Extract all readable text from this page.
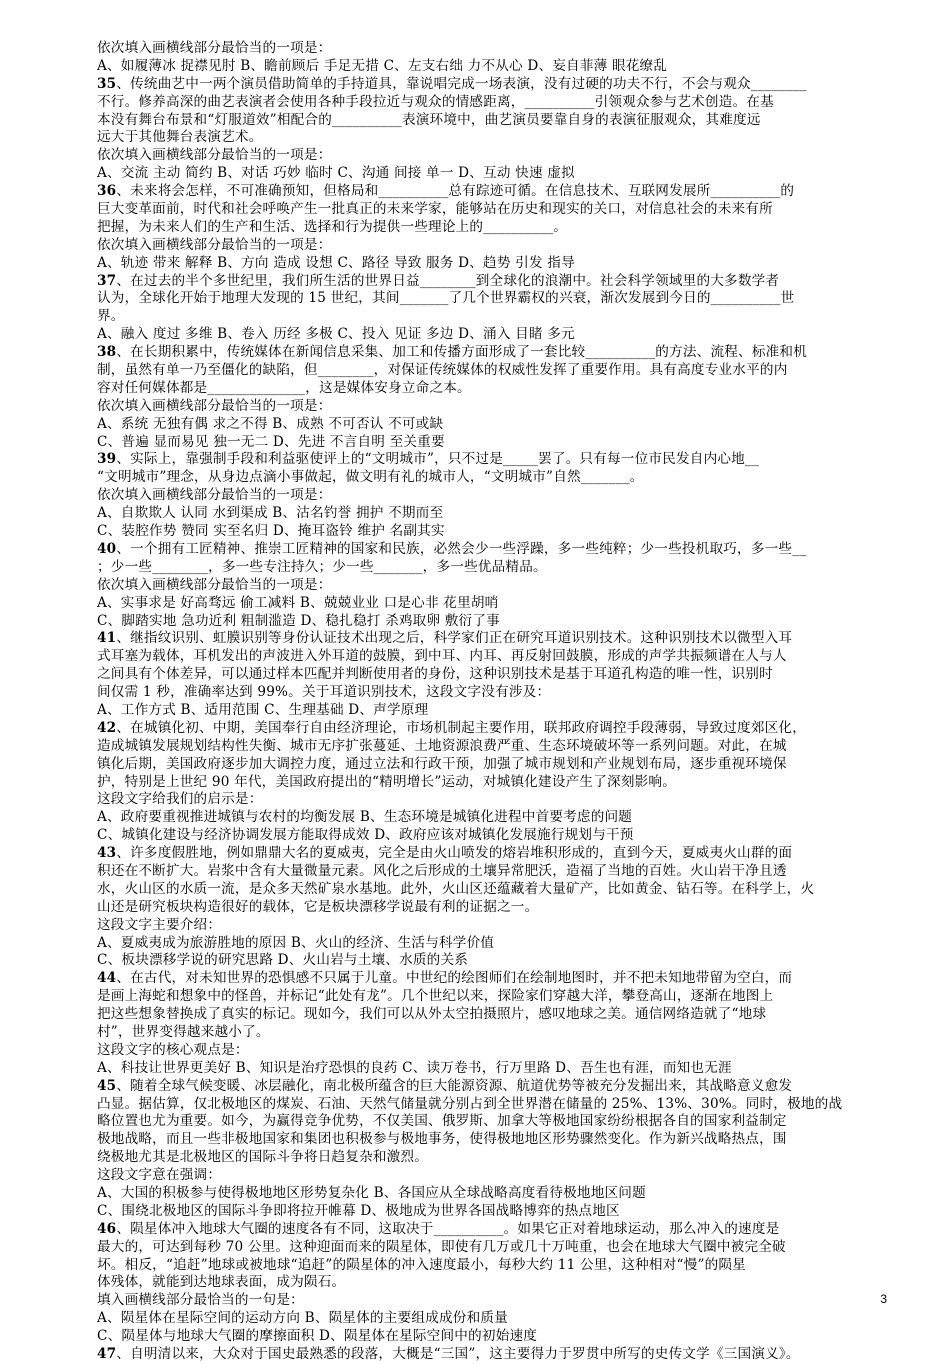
依次填入画横线部分最恰当的一项是：
A、如履薄冰 捉襟见肘 B、瞻前顾后 手足无措 C、左支右绌 力不从心 D、妄自菲薄 眼花缭乱
35、传统曲艺中一两个演员借助简单的手持道具，靠说唱完成一场表演，没有过硬的功夫不行，不会与观众________
不行。修养高深的曲艺表演者会使用各种手段拉近与观众的情感距离，__________引领观众参与艺术创造。在基
本没有舞台布景和“灯服道效”相配合的__________表演环境中，曲艺演员要靠自身的表演征服观众，其难度远
远大于其他舞台表演艺术。
依次填入画横线部分最恰当的一项是：
A、交流 主动 简约 B、对话 巧妙 临时 C、沟通 间接 单一 D、互动 快速 虚拟
36、未来将会怎样，不可准确预知，但格局和__________总有踪迹可循。在信息技术、互联网发展所__________的
巨大变革面前，时代和社会呼唤产生一批真正的未来学家，能够站在历史和现实的关口，对信息社会的未来有所
把握，为未来人们的生产和生活、选择和行为提供一些理论上的__________。
依次填入画横线部分最恰当的一项是：
A、轨迹 带来 解释 B、方向 造成 设想 C、路径 导致 服务 D、趋势 引发 指导
37、在过去的半个多世纪里，我们所生活的世界日益________到全球化的浪潮中。社会科学领域里的大多数学者
认为，全球化开始于地理大发现的 15 世纪，其间_______了几个世界霸权的兴衰，渐次发展到今日的__________世
界。
A、融入 度过 多维 B、卷入 历经 多极 C、投入 见证 多边 D、涌入 目睹 多元
38、在长期积累中，传统媒体在新闻信息采集、加工和传播方面形成了一套比较__________的方法、流程、标准和机
制，虽然有单一乃至僵化的缺陷，但________，对保证传统媒体的权威性发挥了重要作用。具有高度专业水平的内
容对任何媒体都是______________，这是媒体安身立命之本。
依次填入画横线部分最恰当的一项是：
A、系统 无独有偶 求之不得 B、成熟 不可否认 不可或缺
C、普遍 显而易见 独一无二 D、先进 不言自明 至关重要
39、实际上，靠强制手段和利益驱使评上的“文明城市”，只不过是_____罢了。只有每一位市民发自内心地__
“文明城市”理念，从身边点滴小事做起，做文明有礼的城市人，“文明城市”自然_______。
依次填入画横线部分最恰当的一项是：
A、自欺欺人 认同 水到渠成 B、沽名钓誉 拥护 不期而至
C、装腔作势 赞同 实至名归 D、掩耳盗铃 维护 名副其实
40、一个拥有工匠精神、推崇工匠精神的国家和民族，必然会少一些浮躁，多一些纯粹；少一些投机取巧，多一些__
；少一些________，多一些专注持久；少一些_______，多一些优品精品。
依次填入画横线部分最恰当的一项是：
A、实事求是 好高骛远 偷工减料 B、兢兢业业 口是心非 花里胡哨
C、脚踏实地 急功近利 粗制滥造 D、稳扎稳打 杀鸡取卵 敷衍了事
41、继指纹识别、虹膜识别等身份认证技术出现之后，科学家们正在研究耳道识别技术。这种识别技术以微型入耳
式耳塞为载体，耳机发出的声波进入外耳道的鼓膜，到中耳、内耳、再反射回鼓膜，形成的声学共振频谱在人与人
之间具有个体差异，可以通过样本匹配并判断使用者的身份，这种识别技术是基于耳道孔构造的唯一性，识别时
间仅需 1 秒，准确率达到 99%。关于耳道识别技术，这段文字没有涉及：
A、工作方式 B、适用范围 C、生理基础 D、声学原理
42、在城镇化初、中期，美国奉行自由经济理论，市场机制起主要作用，联邦政府调控手段薄弱，导致过度郊区化，
造成城镇发展规划结构性失衡、城市无序扩张蔓延、土地资源浪费严重、生态环境破坏等一系列问题。对此，在城
镇化后期，美国政府逐步加大调控力度，通过立法和行政干预，加强了城市规划和产业规划布局，逐步重视环境保
护，特别是上世纪 90 年代，美国政府提出的“精明增长”运动，对城镇化建设产生了深刻影响。
这段文字给我们的启示是：
A、政府要重视推进城镇与农村的均衡发展 B、生态环境是城镇化进程中首要考虑的问题
C、城镇化建设与经济协调发展方能取得成效 D、政府应该对城镇化发展施行规划与干预
43、许多度假胜地，例如鼎鼎大名的夏威夷，完全是由火山喷发的熔岩堆积形成的，直到今天，夏威夷火山群的面
积还在不断扩大。岩浆中含有大量微量元素。风化之后形成的土壤异常肥沃，造福了当地的百姓。火山岩干净且透
水，火山区的水质一流，是众多天然矿泉水基地。此外，火山区还蕴藏着大量矿产，比如黄金、钻石等。在科学上，火
山还是研究板块构造很好的载体，它是板块漂移学说最有利的证据之一。
这段文字主要介绍：
A、夏威夷成为旅游胜地的原因 B、火山的经济、生活与科学价值
C、板块漂移学说的研究思路 D、火山岩与土壤、水质的关系
44、在古代，对未知世界的恐惧感不只属于儿童。中世纪的绘图师们在绘制地图时，并不把未知地带留为空白，而
是画上海蛇和想象中的怪兽，并标记“此处有龙”。几个世纪以来，探险家们穿越大洋，攀登高山，逐渐在地图上
把这些想象替换成了真实的标记。现如今，我们可以从外太空拍摄照片，感叹地球之美。通信网络造就了“地球
村”，世界变得越来越小了。
这段文字的核心观点是：
A、科技让世界更美好 B、知识是治疗恐惧的良药 C、读万卷书，行万里路 D、吾生也有涯，而知也无涯
45、随着全球气候变暖、冰层融化，南北极所蕴含的巨大能源资源、航道优势等被充分发掘出来，其战略意义愈发
凸显。据估算，仅北极地区的煤炭、石油、天然气储量就分别占到全世界潜在储量的 25%、13%、30%。同时，极地的战
略位置也尤为重要。如今，为赢得竞争优势，不仅美国、俄罗斯、加拿大等极地国家纷纷根据各自的国家利益制定
极地战略，而且一些非极地国家和集团也积极参与极地事务，使得极地地区形势骤然变化。作为新兴战略热点，围
绕极地尤其是北极地区的国际斗争将日趋复杂和激烈。
这段文字意在强调：
A、大国的积极参与使得极地地区形势复杂化 B、各国应从全球战略高度看待极地地区问题
C、围绕北极地区的国际斗争即将拉开帷幕 D、极地成为世界各国战略博弈的热点地区
46、陨星体冲入地球大气圈的速度各有不同，这取决于__________。如果它正对着地球运动，那么冲入的速度是
最大的，可达到每秒 70 公里。这种迎面而来的陨星体，即使有几万或几十万吨重，也会在地球大气圈中被完全破
坏。相反，“追赶”地球或被地球“追赶”的陨星体的冲入速度最小，每秒大约 11 公里，这种相对“慢”的陨星
体残体，就能到达地球表面，成为陨石。
填入画横线部分最恰当的一句是：
A、陨星体在星际空间的运动方向 B、陨星体的主要组成成份和质量
C、陨星体与地球大气圈的摩擦面积 D、陨星体在星际空间中的初始速度
47、自明清以来，大众对于国史最熟悉的段落，大概是“三国”，这主要得力于罗贯中所写的史传文学《三国演义》。
3
